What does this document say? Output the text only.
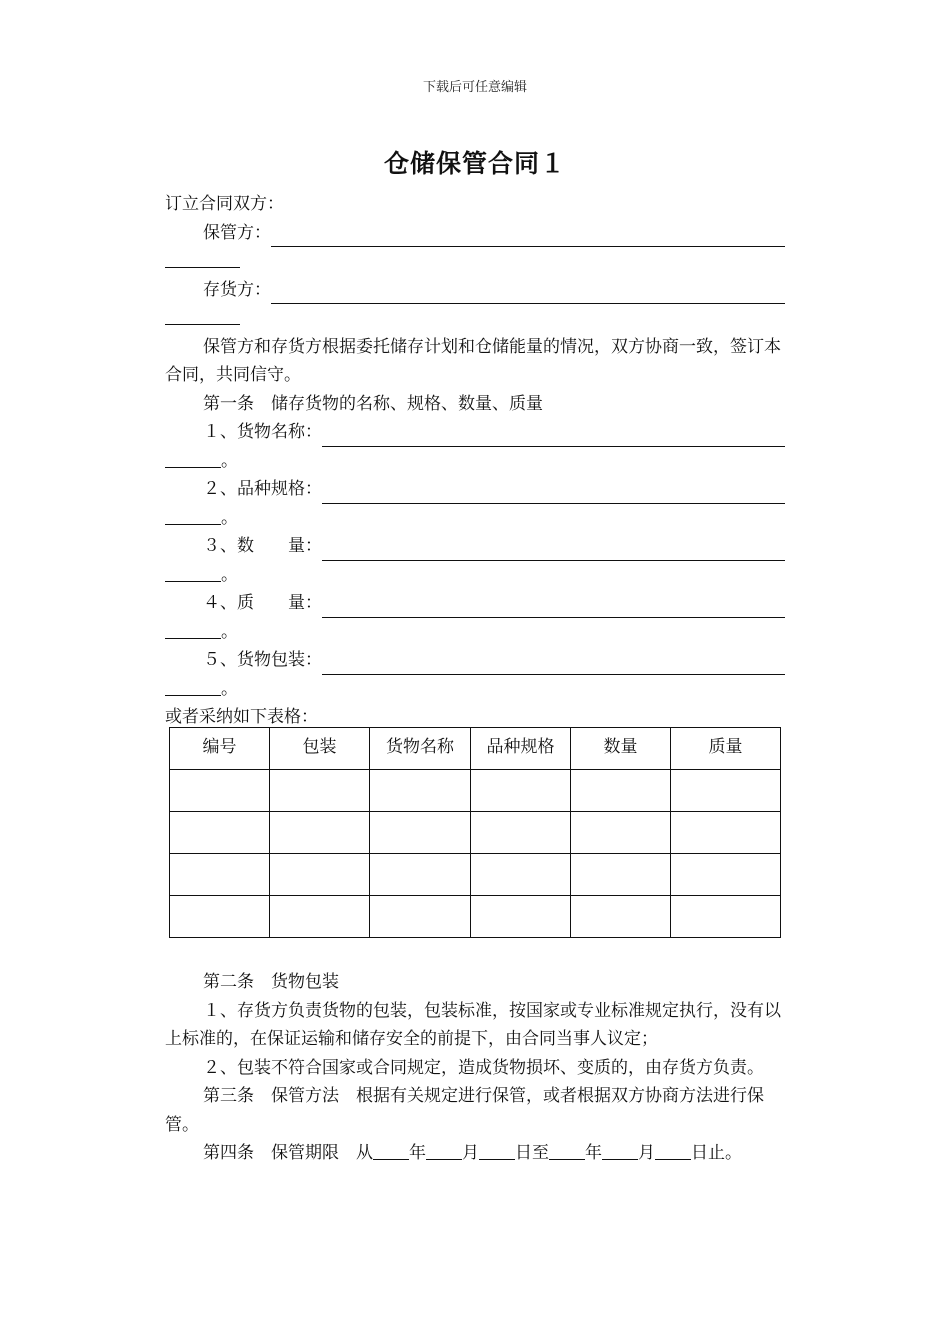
下载后可任意编辑
仓储保管合同１
订立合同双方：
保管方：
存货方：
保管方和存货方根据委托储存计划和仓储能量的情况，双方协商一致，签订本合同，共同信守。
第一条　储存货物的名称、规格、数量、质量
１、货物名称：
。
２、品种规格：
。
３、数　　量：
。
４、质　　量：
。
５、货物包装：
。
或者采纳如下表格：
编号	包装	货物名称	品种规格	数量	质量

第二条　货物包装
１、存货方负责货物的包装，包装标准，按国家或专业标准规定执行，没有以上标准的，在保证运输和储存安全的前提下，由合同当事人议定；
２、包装不符合国家或合同规定，造成货物损坏、变质的，由存货方负责。
第三条　保管方法　根据有关规定进行保管，或者根据双方协商方法进行保管。
第四条　保管期限　从 年 月 日至 年 月 日止。
